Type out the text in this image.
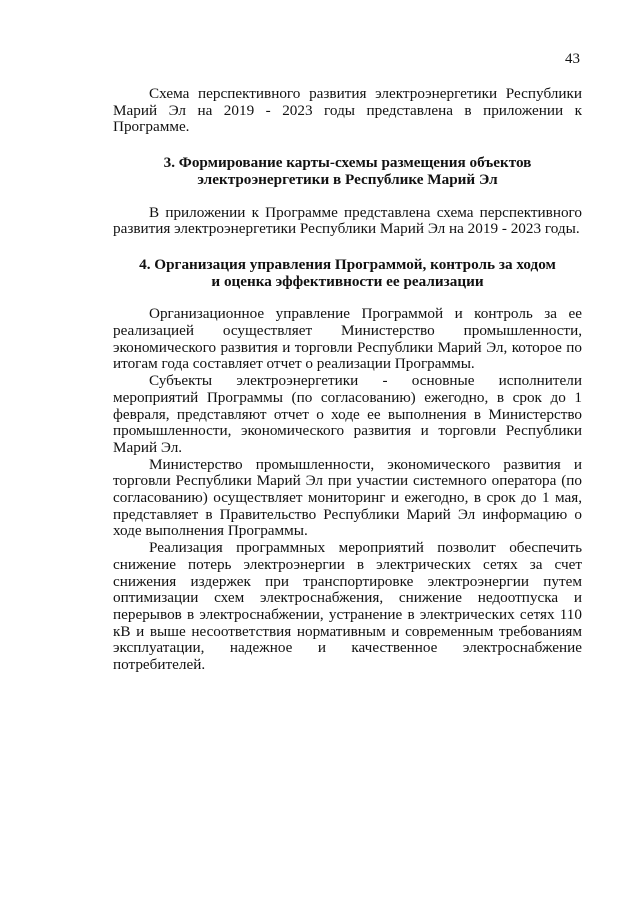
43

Схема перспективного развития электроэнергетики Республики Марий Эл на 2019 - 2023 годы представлена в приложении к Программе.

3. Формирование карты-схемы размещения объектов
электроэнергетики в Республике Марий Эл

В приложении к Программе представлена схема перспективного развития электроэнергетики Республики Марий Эл на 2019 - 2023 годы.

4. Организация управления Программой, контроль за ходом
и оценка эффективности ее реализации

Организационное управление Программой и контроль за ее реализацией осуществляет Министерство промышленности, экономического развития и торговли Республики Марий Эл, которое по итогам года составляет отчет о реализации Программы.

Субъекты электроэнергетики - основные исполнители мероприятий Программы (по согласованию) ежегодно, в срок до 1 февраля, представляют отчет о ходе ее выполнения в Министерство промышленности, экономического развития и торговли Республики Марий Эл.

Министерство промышленности, экономического развития и торговли Республики Марий Эл при участии системного оператора (по согласованию) осуществляет мониторинг и ежегодно, в срок до 1 мая, представляет в Правительство Республики Марий Эл информацию о ходе выполнения Программы.

Реализация программных мероприятий позволит обеспечить снижение потерь электроэнергии в электрических сетях за счет снижения издержек при транспортировке электроэнергии путем оптимизации схем электроснабжения, снижение недоотпуска и перерывов в электроснабжении, устранение в электрических сетях 110 кВ и выше несоответствия нормативным и современным требованиям эксплуатации, надежное и качественное электроснабжение потребителей.
